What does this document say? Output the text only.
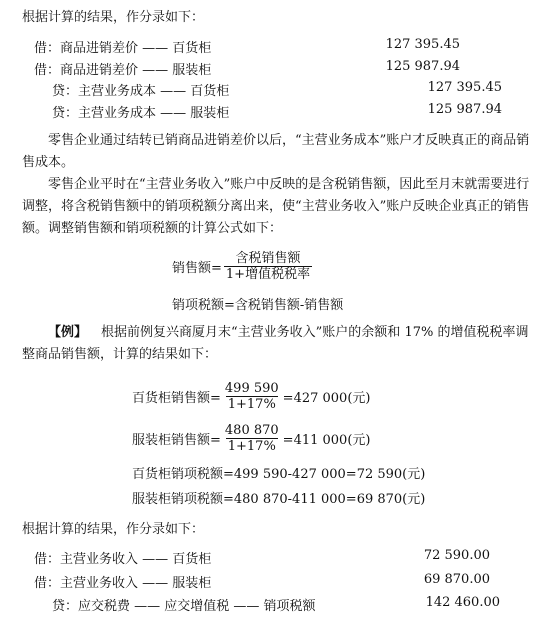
根据计算的结果，作分录如下：
借：商品进销差价 —— 百货柜	127 395.45
借：商品进销差价 —— 服装柜	125 987.94
贷：主营业务成本 —— 百货柜	127 395.45
贷：主营业务成本 —— 服装柜	125 987.94
零售企业通过结转已销商品进销差价以后，“主营业务成本”账户才反映真正的商品销售成本。
零售企业平时在“主营业务收入”账户中反映的是含税销售额，因此至月末就需要进行调整，将含税销售额中的销项税额分离出来，使“主营业务收入”账户反映企业真正的销售额。调整销售额和销项税额的计算公式如下：
销售额= $\frac{\text{含税销售额}}{\text{1+增值税税率}}$
销项税额=含税销售额-销售额
【例】 根据前例复兴商厦月末“主营业务收入”账户的余额和 17% 的增值税税率调整商品销售额，计算的结果如下：
百货柜销售额= $\frac{499 590}{1+17\%} =427$ 000(元)
服装柜销售额= $\frac{480 870}{1+17\%} =411$ 000(元)
百货柜销项税额=499 590-427 000=72 590(元)
服装柜销项税额=480 870-411 000=69 870(元)
根据计算的结果，作分录如下：
借：主营业务收入 —— 百货柜	72 590.00
借：主营业务收入 —— 服装柜	69 870.00
贷：应交税费 —— 应交增值税 —— 销项税额	142 460.00
